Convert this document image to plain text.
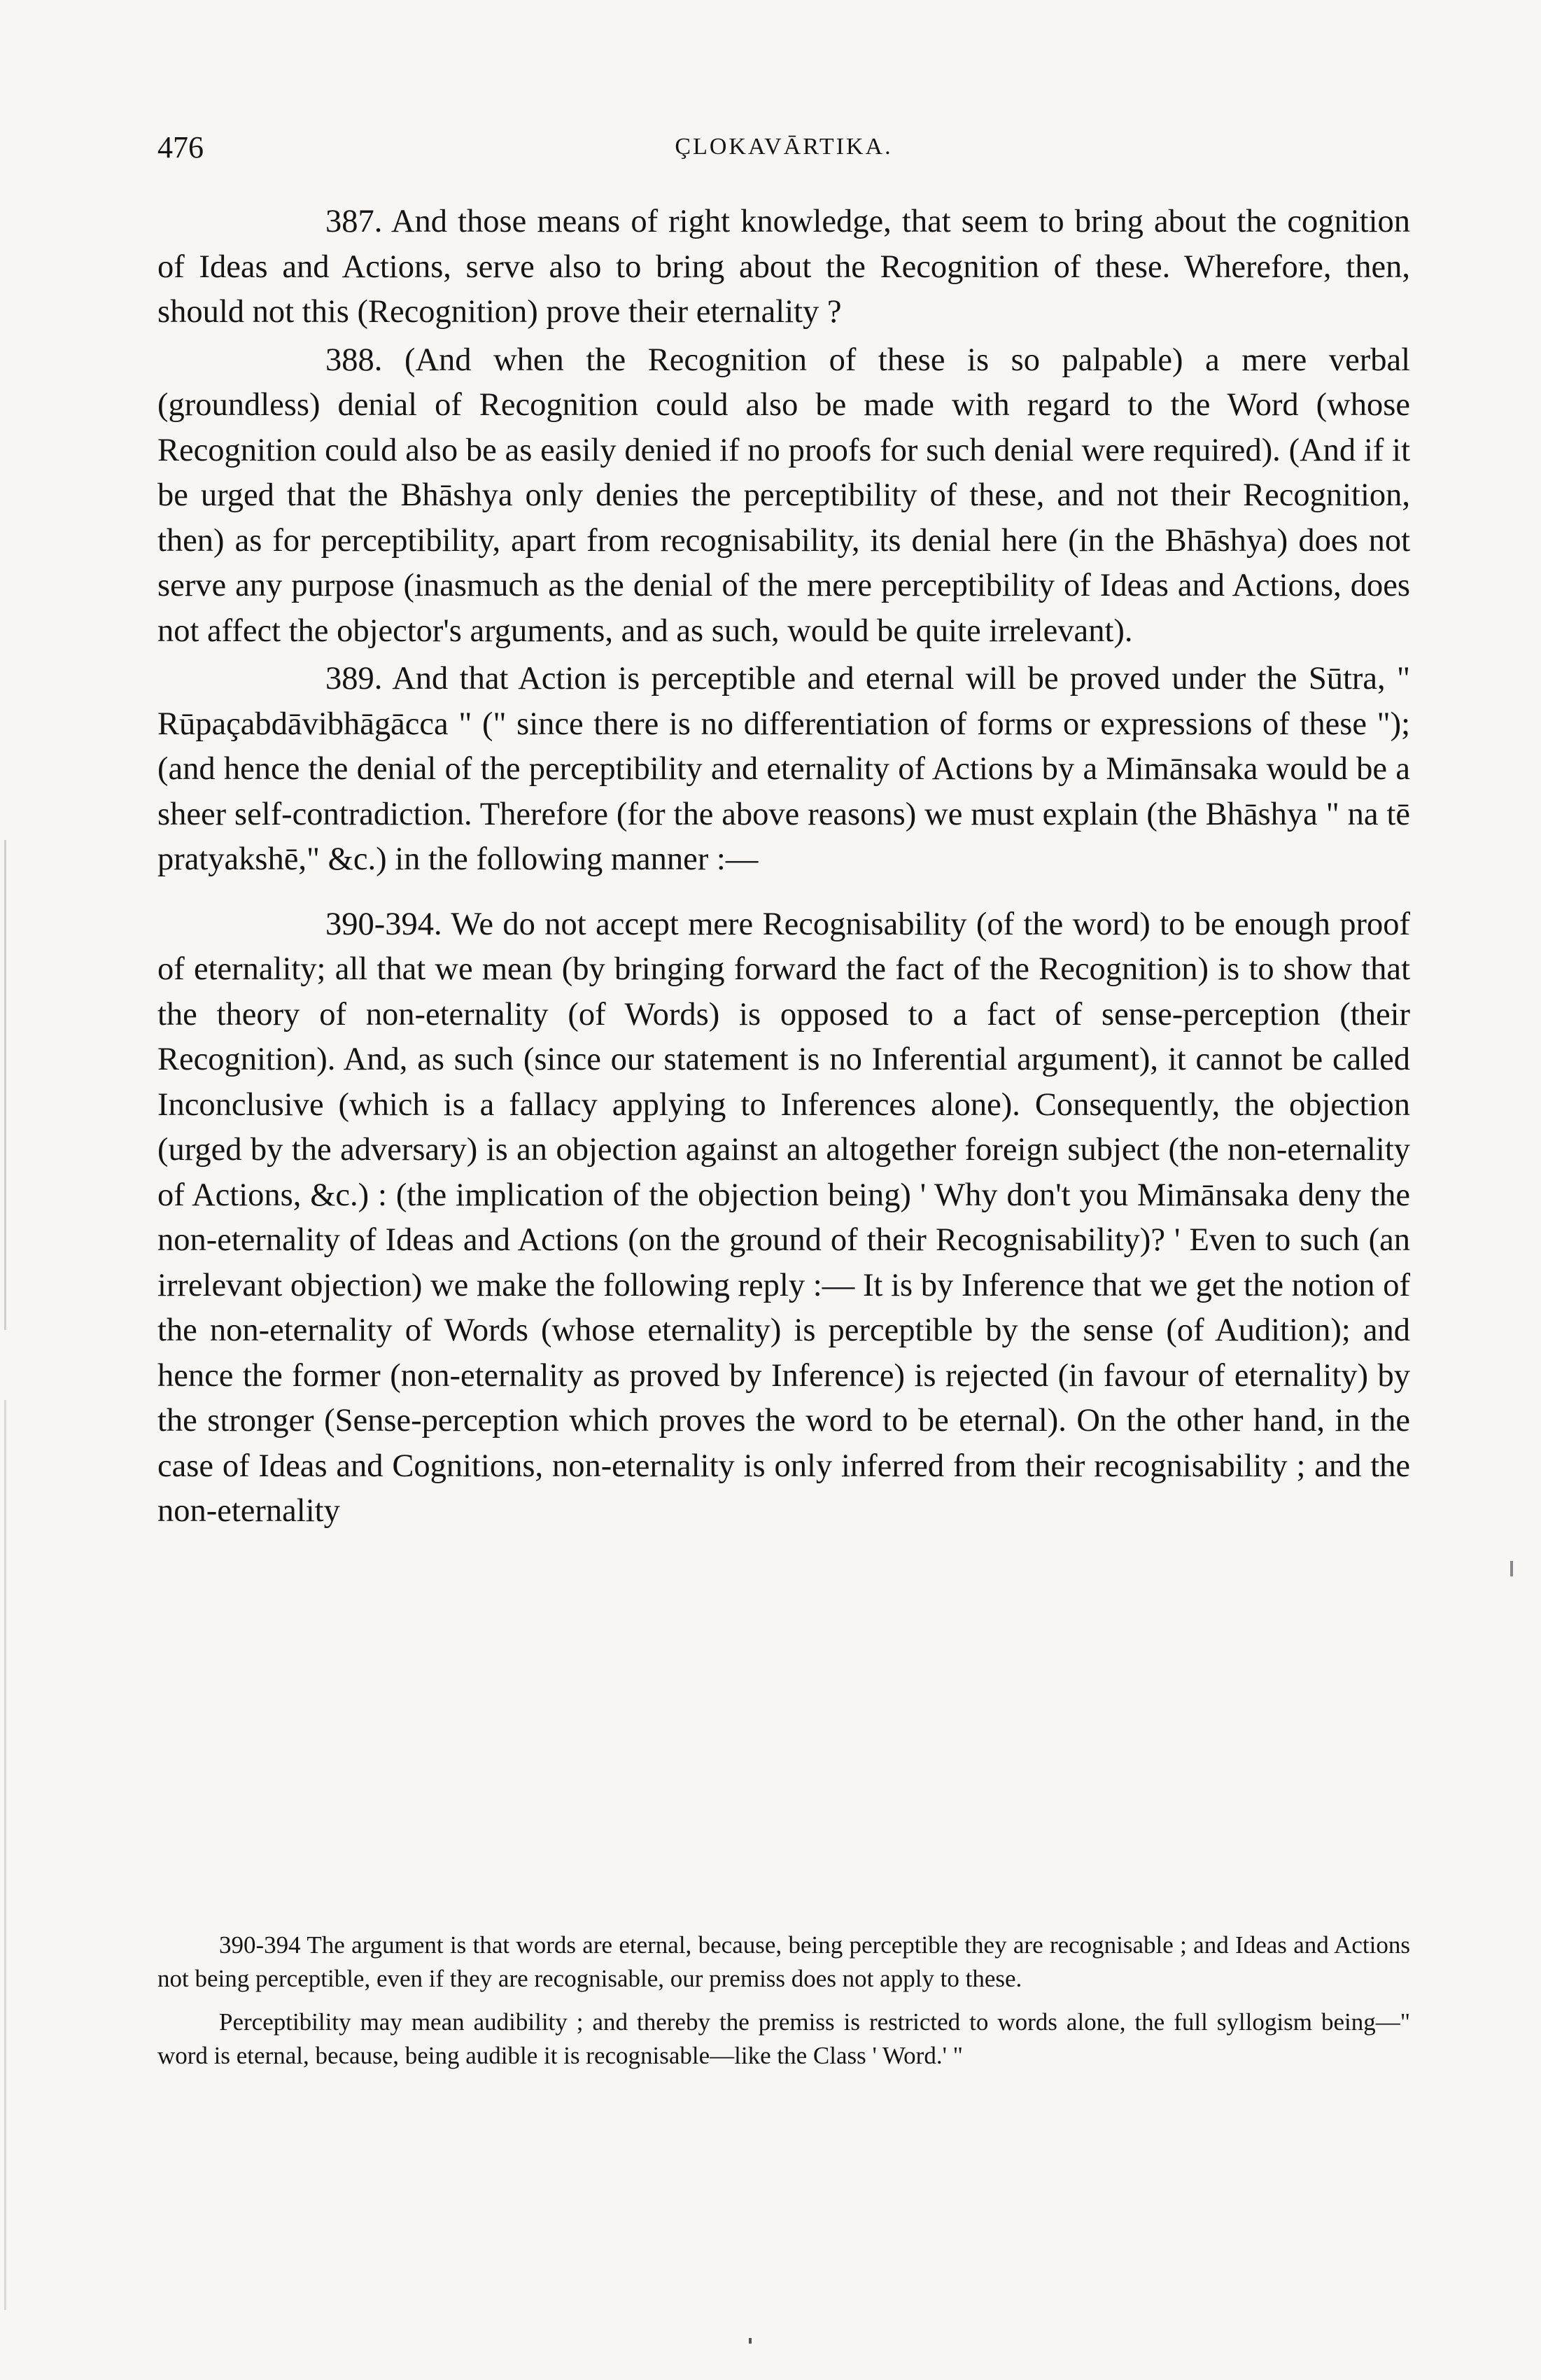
476	ÇLOKAVĀRTIKA.

387. And those means of right knowledge, that seem to bring about the cognition of Ideas and Actions, serve also to bring about the Recognition of these. Wherefore, then, should not this (Recognition) prove their eternality ?

388. (And when the Recognition of these is so palpable) a mere verbal (groundless) denial of Recognition could also be made with regard to the Word (whose Recognition could also be as easily denied if no proofs for such denial were required). (And if it be urged that the Bhāshya only denies the perceptibility of these, and not their Recognition, then) as for perceptibility, apart from recognisability, its denial here (in the Bhāshya) does not serve any purpose (inasmuch as the denial of the mere perceptibility of Ideas and Actions, does not affect the objector's arguments, and as such, would be quite irrelevant).

389. And that Action is perceptible and eternal will be proved under the Sūtra, " Rūpaçabdāvibhāgācca " (" since there is no differentiation of forms or expressions of these "); (and hence the denial of the perceptibility and eternality of Actions by a Mimānsaka would be a sheer self-contradiction. Therefore (for the above reasons) we must explain (the Bhāshya " na tē pratyakshē," &c.) in the following manner :—

390-394. We do not accept mere Recognisability (of the word) to be enough proof of eternality; all that we mean (by bringing forward the fact of the Recognition) is to show that the theory of non-eternality (of Words) is opposed to a fact of sense-perception (their Recognition). And, as such (since our statement is no Inferential argument), it cannot be called Inconclusive (which is a fallacy applying to Inferences alone). Consequently, the objection (urged by the adversary) is an objection against an altogether foreign subject (the non-eternality of Actions, &c.) : (the implication of the objection being) ' Why don't you Mimānsaka deny the non-eternality of Ideas and Actions (on the ground of their Recognisability)? ' Even to such (an irrelevant objection) we make the following reply :— It is by Inference that we get the notion of the non-eternality of Words (whose eternality) is perceptible by the sense (of Audition); and hence the former (non-eternality as proved by Inference) is rejected (in favour of eternality) by the stronger (Sense-perception which proves the word to be eternal). On the other hand, in the case of Ideas and Cognitions, non-eternality is only inferred from their recognisability ; and the non-eternality

390-394 The argument is that words are eternal, because, being perceptible they are recognisable ; and Ideas and Actions not being perceptible, even if they are recognisable, our premiss does not apply to these.

Perceptibility may mean audibility ; and thereby the premiss is restricted to words alone, the full syllogism being—" word is eternal, because, being audible it is recognisable—like the Class ' Word.' "
